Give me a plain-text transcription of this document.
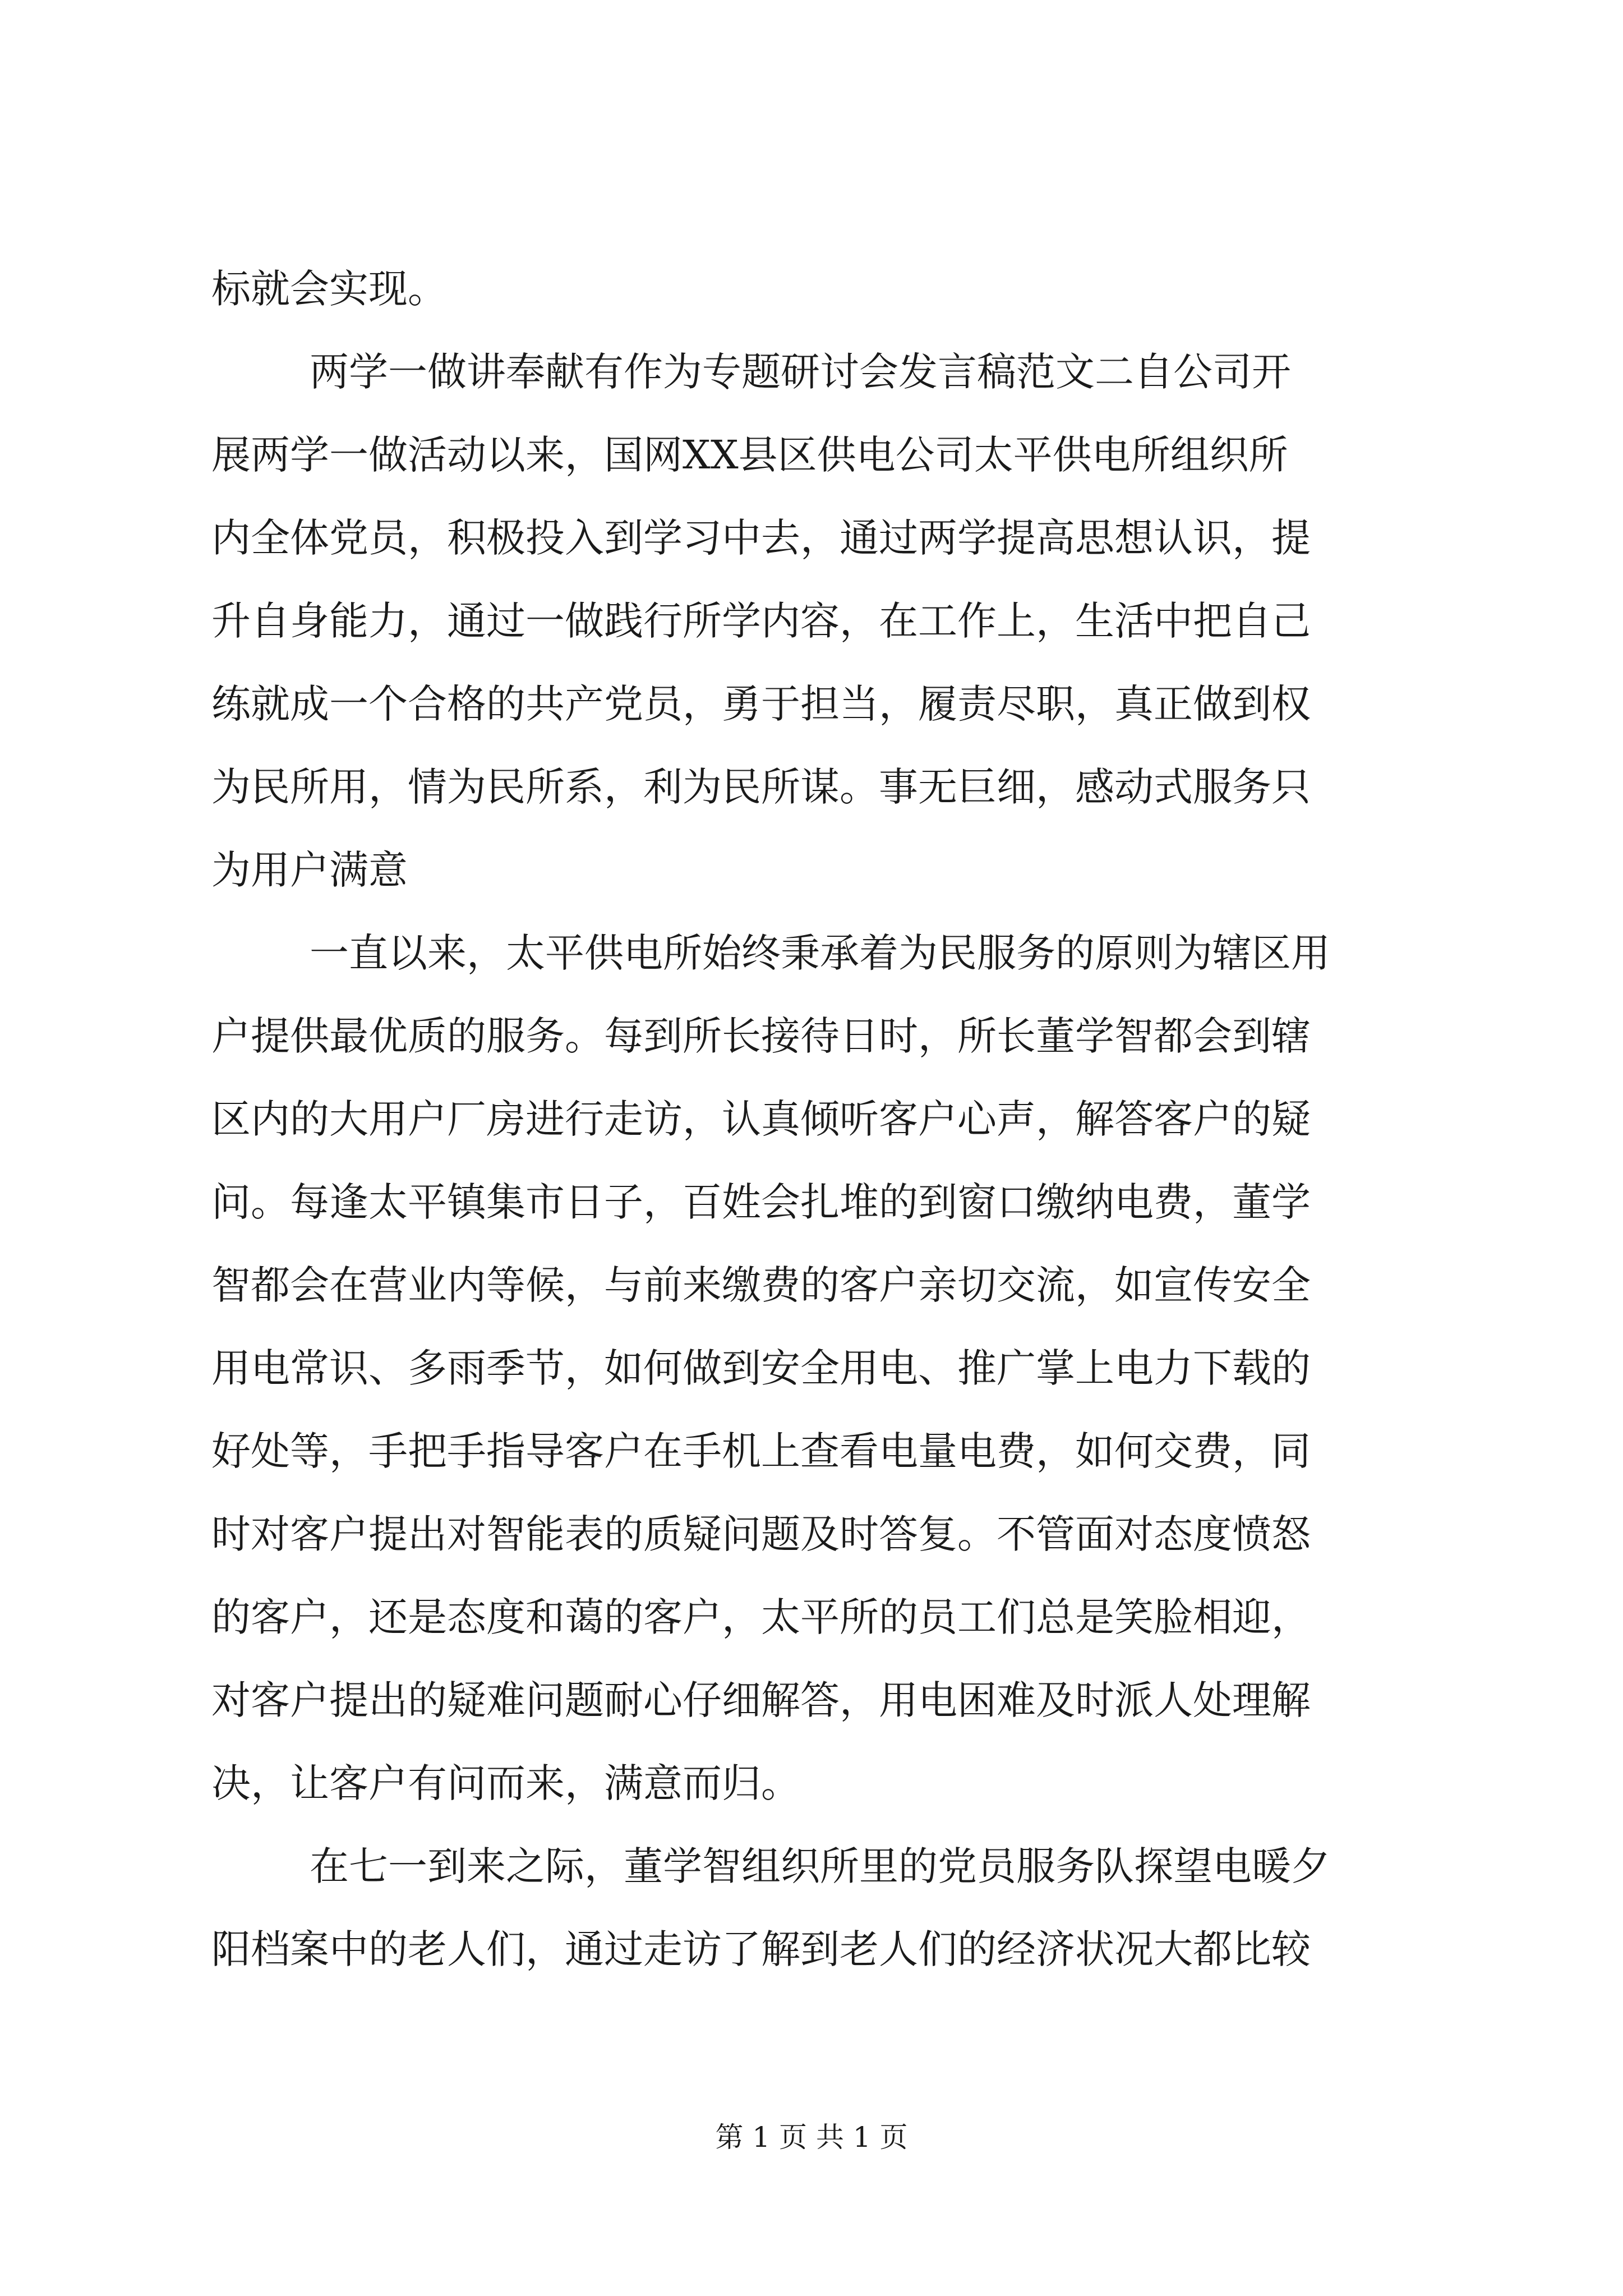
标就会实现。
两学一做讲奉献有作为专题研讨会发言稿范文二自公司开
展两学一做活动以来，国网XX县区供电公司太平供电所组织所
内全体党员，积极投入到学习中去，通过两学提高思想认识，提
升自身能力，通过一做践行所学内容，在工作上，生活中把自己
练就成一个合格的共产党员，勇于担当，履责尽职，真正做到权
为民所用，情为民所系，利为民所谋。事无巨细，感动式服务只
为用户满意
一直以来，太平供电所始终秉承着为民服务的原则为辖区用
户提供最优质的服务。每到所长接待日时，所长董学智都会到辖
区内的大用户厂房进行走访，认真倾听客户心声，解答客户的疑
问。每逢太平镇集市日子，百姓会扎堆的到窗口缴纳电费，董学
智都会在营业内等候，与前来缴费的客户亲切交流，如宣传安全
用电常识、多雨季节，如何做到安全用电、推广掌上电力下载的
好处等，手把手指导客户在手机上查看电量电费，如何交费，同
时对客户提出对智能表的质疑问题及时答复。不管面对态度愤怒
的客户，还是态度和蔼的客户，太平所的员工们总是笑脸相迎，
对客户提出的疑难问题耐心仔细解答，用电困难及时派人处理解
决，让客户有问而来，满意而归。
在七一到来之际，董学智组织所里的党员服务队探望电暖夕
阳档案中的老人们，通过走访了解到老人们的经济状况大都比较
第 1 页 共 1 页
